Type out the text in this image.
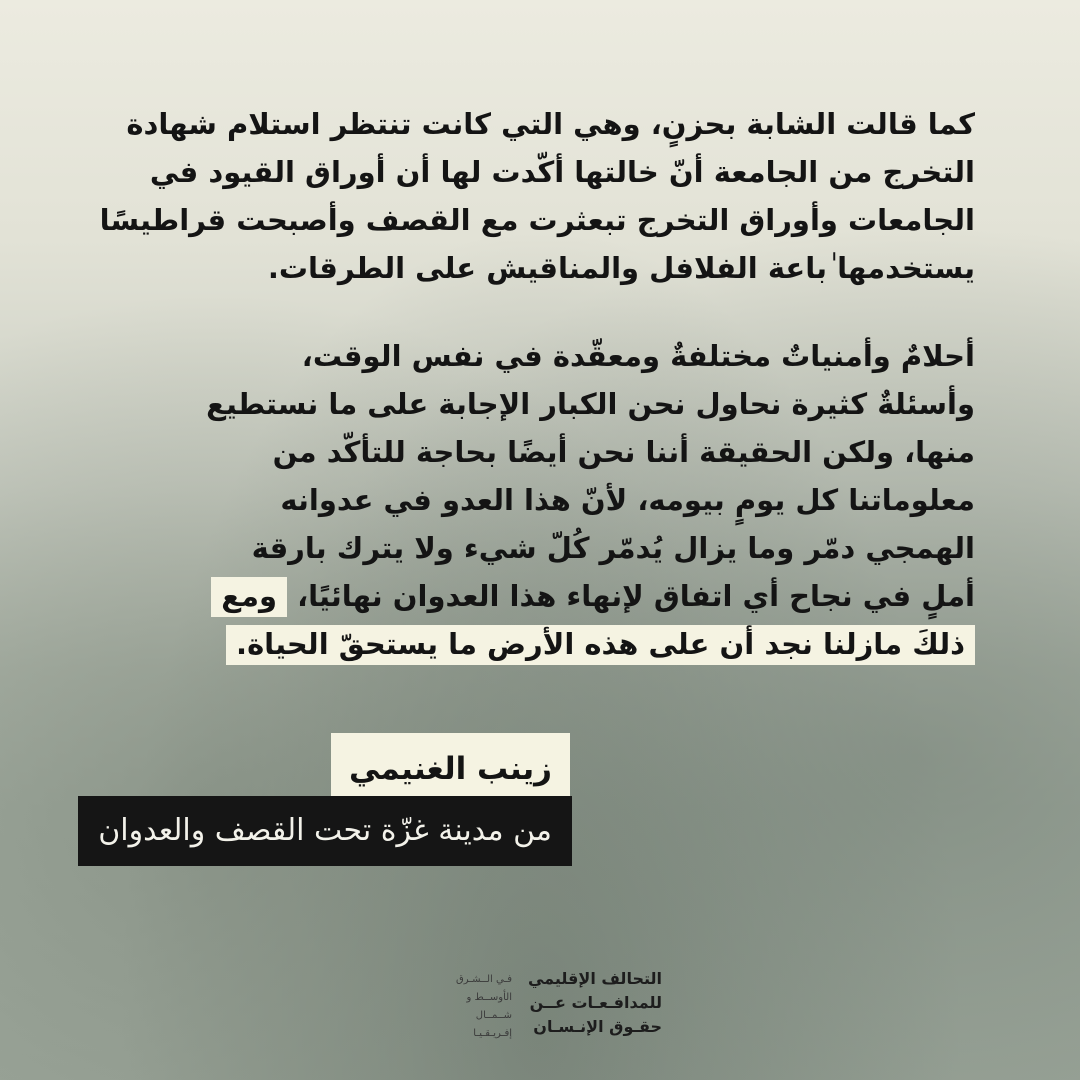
كما قالت الشابة بحزنٍ، وهي التي كانت تنتظر استلام شهادة التخرج من الجامعة أنّ خالتها أكّدت لها أن أوراق القيود في الجامعات وأوراق التخرج تبعثرت مع القصف وأصبحت قراطيسًا يستخدمها ٰباعة الفلافل والمناقيش على الطرقات.

أحلامٌ وأمنياتٌ مختلفةٌ ومعقّدة في نفس الوقت،
وأسئلةٌ كثيرة نحاول نحن الكبار الإجابة على ما نستطيع
منها، ولكن الحقيقة أننا نحن أيضًا بحاجة للتأكّد من
معلوماتنا كل يومٍ بيومه، لأنّ هذا العدو في عدوانه
الهمجي دمّر وما يزال يُدمّر كُلّ شيء ولا يترك بارقة
أملٍ في نجاح أي اتفاق لإنهاء هذا العدوان نهائيًا، ومع
ذلكَ مازلنا نجد أن على هذه الأرض ما يستحقّ الحياة.
زينب الغنيمي
من مدينة غزّة تحت القصف والعدوان
التحالف الإقليمي
للمدافـعـات عــن
حقـوق الإنـسـان
فـي الــشـرق
الأوســط و
شــمــال
إفـريـقـيـا
